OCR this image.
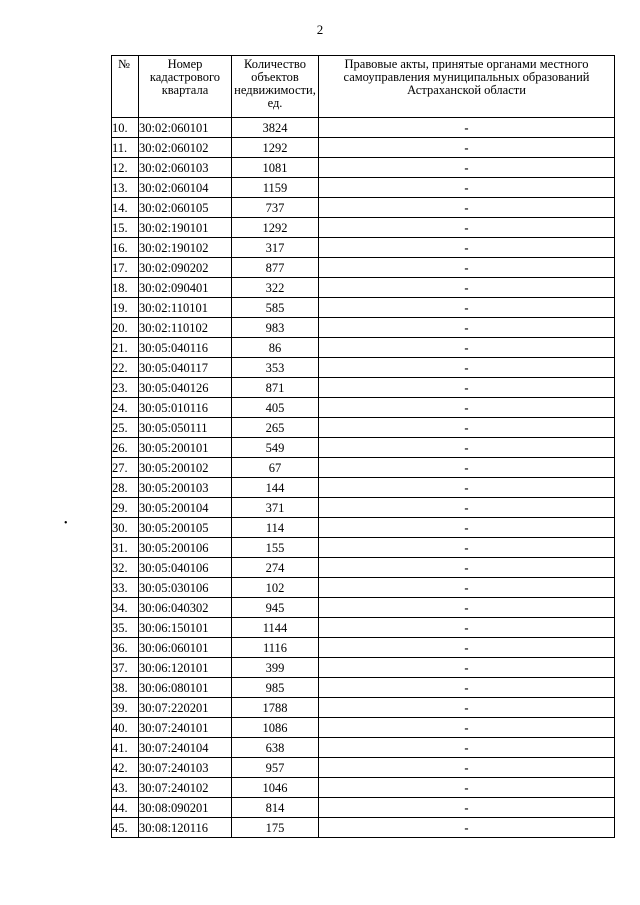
2
•
№	Номер кадастрового квартала	Количество объектов недвижимости, ед.	Правовые акты, принятые органами местного самоуправления муниципальных образований Астраханской области
10.	30:02:060101	3824	-
11.	30:02:060102	1292	-
12.	30:02:060103	1081	-
13.	30:02:060104	1159	-
14.	30:02:060105	737	-
15.	30:02:190101	1292	-
16.	30:02:190102	317	-
17.	30:02:090202	877	-
18.	30:02:090401	322	-
19.	30:02:110101	585	-
20.	30:02:110102	983	-
21.	30:05:040116	86	-
22.	30:05:040117	353	-
23.	30:05:040126	871	-
24.	30:05:010116	405	-
25.	30:05:050111	265	-
26.	30:05:200101	549	-
27.	30:05:200102	67	-
28.	30:05:200103	144	-
29.	30:05:200104	371	-
30.	30:05:200105	114	-
31.	30:05:200106	155	-
32.	30:05:040106	274	-
33.	30:05:030106	102	-
34.	30:06:040302	945	-
35.	30:06:150101	1144	-
36.	30:06:060101	1116	-
37.	30:06:120101	399	-
38.	30:06:080101	985	-
39.	30:07:220201	1788	-
40.	30:07:240101	1086	-
41.	30:07:240104	638	-
42.	30:07:240103	957	-
43.	30:07:240102	1046	-
44.	30:08:090201	814	-
45.	30:08:120116	175	-
